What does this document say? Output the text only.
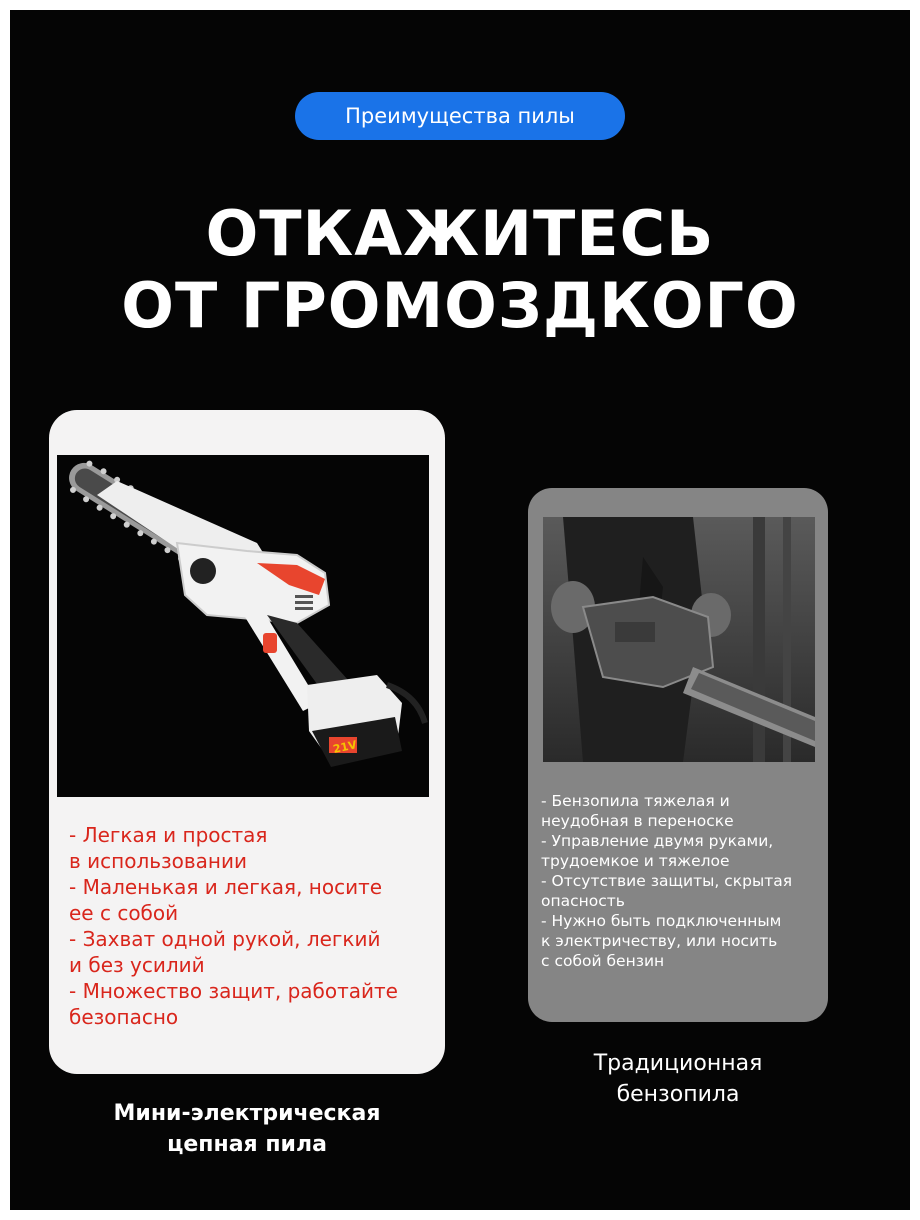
Преимущества пилы
ОТКАЖИТЕСЬ
ОТ ГРОМОЗДКОГО
21V
- Легкая и простая
в использовании
- Маленькая и легкая, носите
ее с собой
- Захват одной рукой, легкий
и без усилий
- Множество защит, работайте
безопасно
Мини-электрическая
цепная пила
- Бензопила тяжелая и
неудобная в переноске
- Управление двумя руками,
трудоемкое и тяжелое
- Отсутствие защиты, скрытая
опасность
- Нужно быть подключенным
к электричеству, или носить
с собой бензин
Традиционная
бензопила
